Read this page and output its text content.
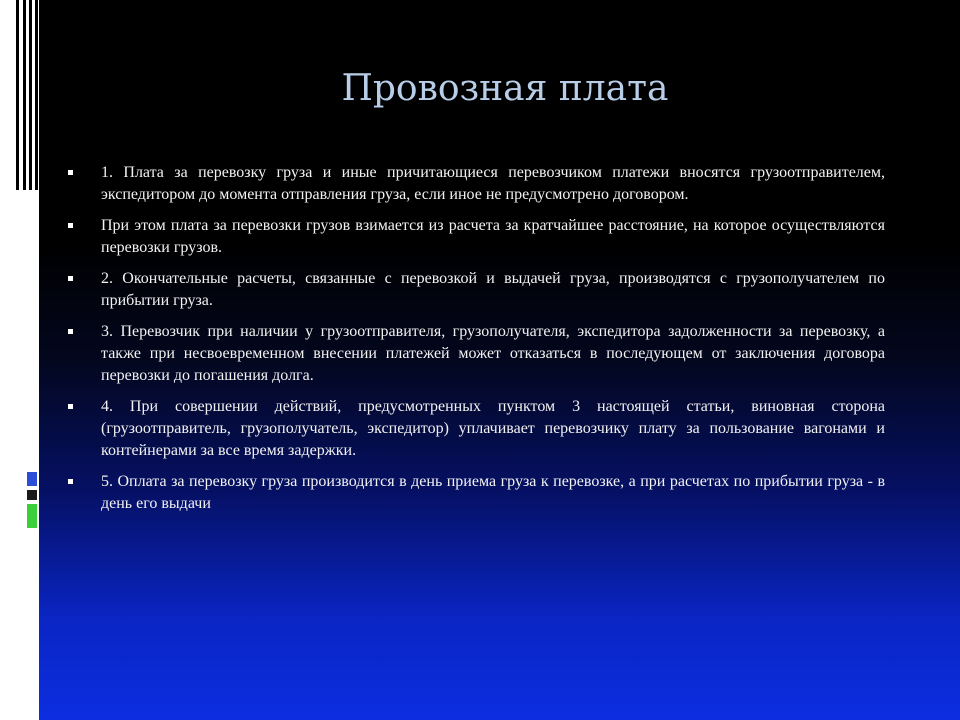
Провозная плата
1. Плата за перевозку груза и иные причитающиеся перевозчиком платежи вносятся грузоотправителем, экспедитором до момента отправления груза, если иное не предусмотрено договором.
При этом плата за перевозки грузов взимается из расчета за кратчайшее расстояние, на которое осуществляются перевозки грузов.
2. Окончательные расчеты, связанные с перевозкой и выдачей груза, производятся с грузополучателем по прибытии груза.
3. Перевозчик при наличии у грузоотправителя, грузополучателя, экспедитора задолженности за перевозку, а также при несвоевременном внесении платежей может отказаться в последующем от заключения договора перевозки до погашения долга.
4. При совершении действий, предусмотренных пунктом 3 настоящей статьи, виновная сторона (грузоотправитель, грузополучатель, экспедитор) уплачивает перевозчику плату за пользование вагонами и контейнерами за все время задержки.
5. Оплата за перевозку груза производится в день приема груза к перевозке, а при расчетах по прибытии груза - в день его выдачи
